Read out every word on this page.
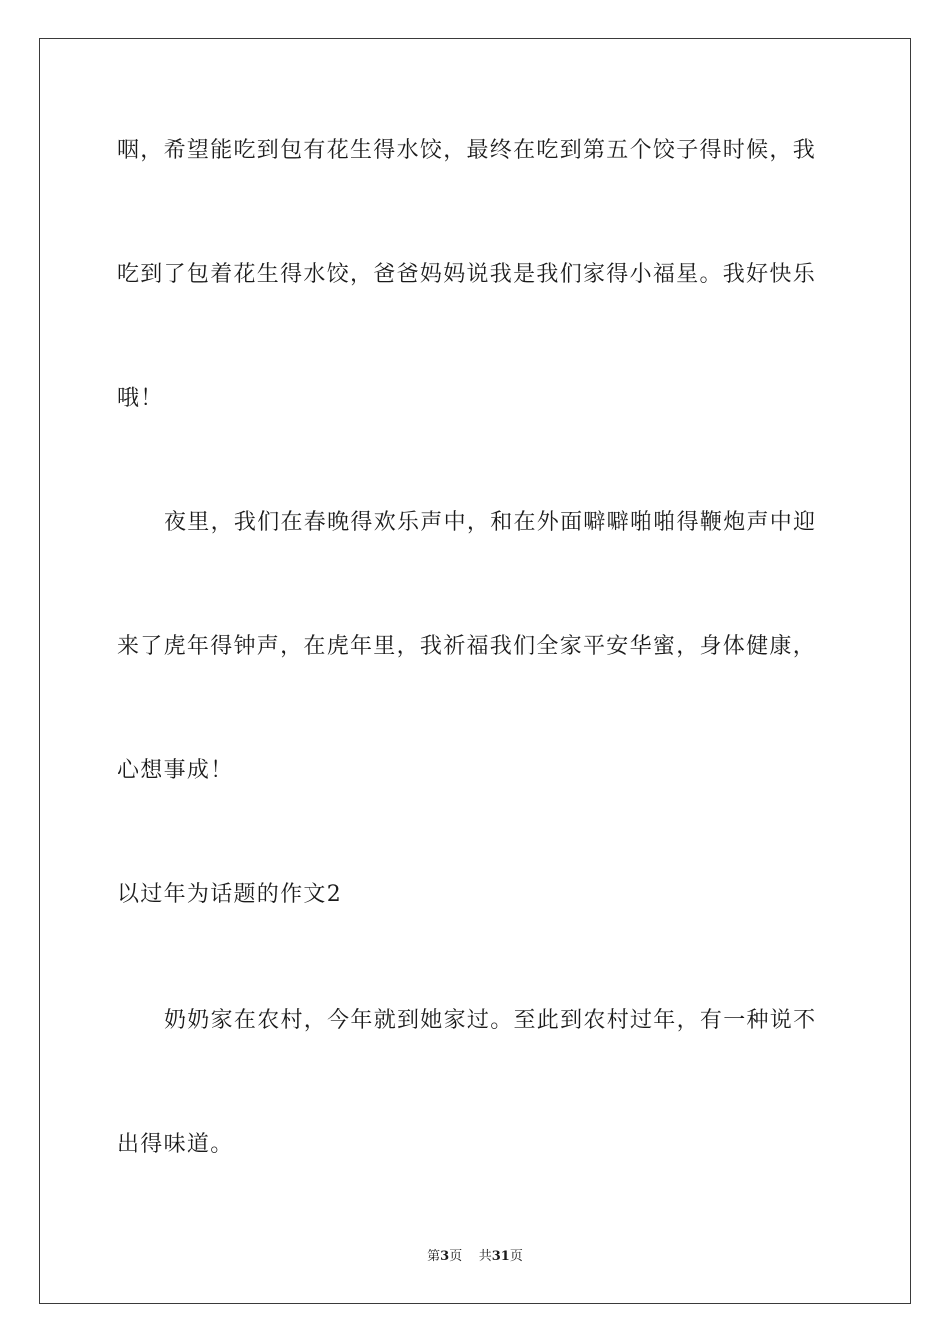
咽，希望能吃到包有花生得水饺，最终在吃到第五个饺子得时候，我
吃到了包着花生得水饺，爸爸妈妈说我是我们家得小福星。我好快乐
哦！
夜里，我们在春晚得欢乐声中，和在外面噼噼啪啪得鞭炮声中迎
来了虎年得钟声，在虎年里，我祈福我们全家平安华蜜，身体健康，
心想事成！
以过年为话题的作文2
奶奶家在农村，今年就到她家过。至此到农村过年，有一种说不
出得味道。
第3页 共31页
